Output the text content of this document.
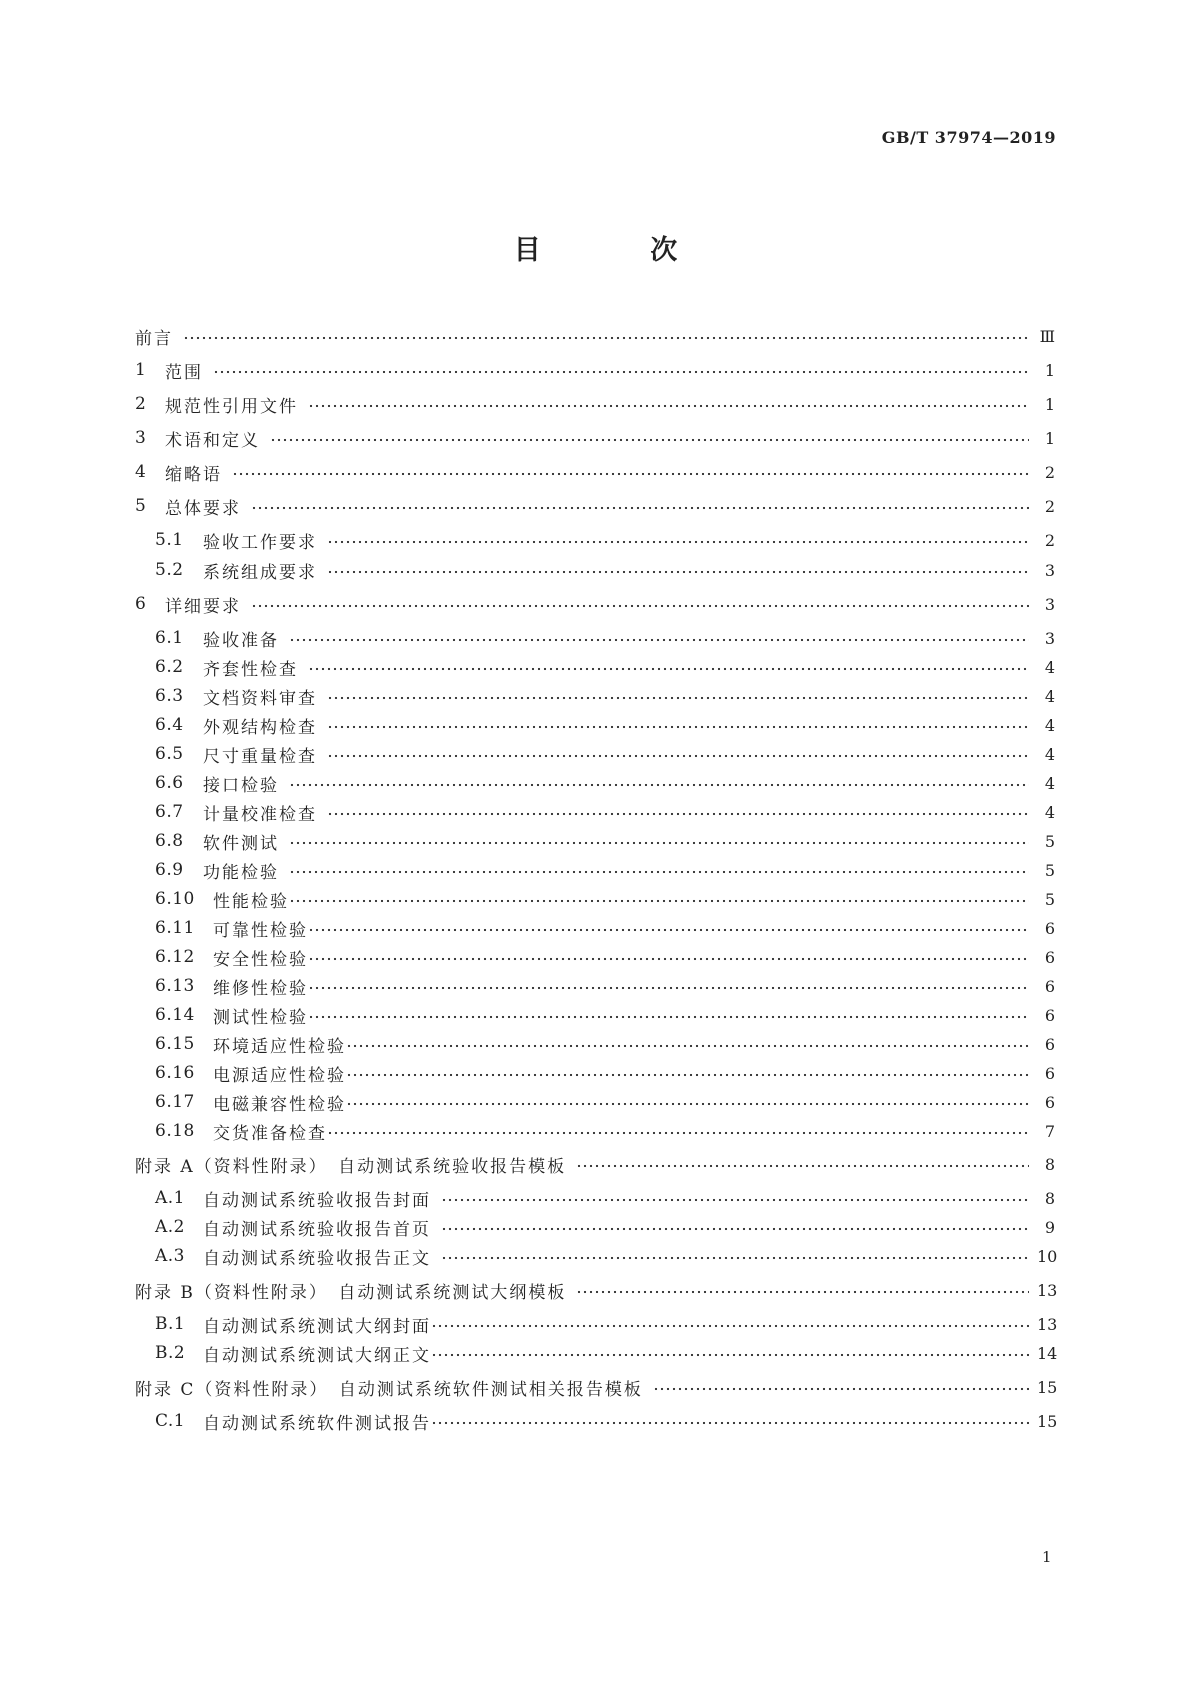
GB/T 37974—2019
目 次
前言	Ⅲ
1	范围	1
2	规范性引用文件	1
3	术语和定义	1
4	缩略语	2
5	总体要求	2
5.1	验收工作要求	2
5.2	系统组成要求	3
6	详细要求	3
6.1	验收准备	3
6.2	齐套性检查	4
6.3	文档资料审查	4
6.4	外观结构检查	4
6.5	尺寸重量检查	4
6.6	接口检验	4
6.7	计量校准检查	4
6.8	软件测试	5
6.9	功能检验	5
6.10	性能检验	5
6.11	可靠性检验	6
6.12	安全性检验	6
6.13	维修性检验	6
6.14	测试性检验	6
6.15	环境适应性检验	6
6.16	电源适应性检验	6
6.17	电磁兼容性检验	6
6.18	交货准备检查	7
附录 A（资料性附录）　自动测试系统验收报告模板	8
A.1	自动测试系统验收报告封面	8
A.2	自动测试系统验收报告首页	9
A.3	自动测试系统验收报告正文	10
附录 B（资料性附录）　自动测试系统测试大纲模板	13
B.1	自动测试系统测试大纲封面	13
B.2	自动测试系统测试大纲正文	14
附录 C（资料性附录）　自动测试系统软件测试相关报告模板	15
C.1	自动测试系统软件测试报告	15
1
